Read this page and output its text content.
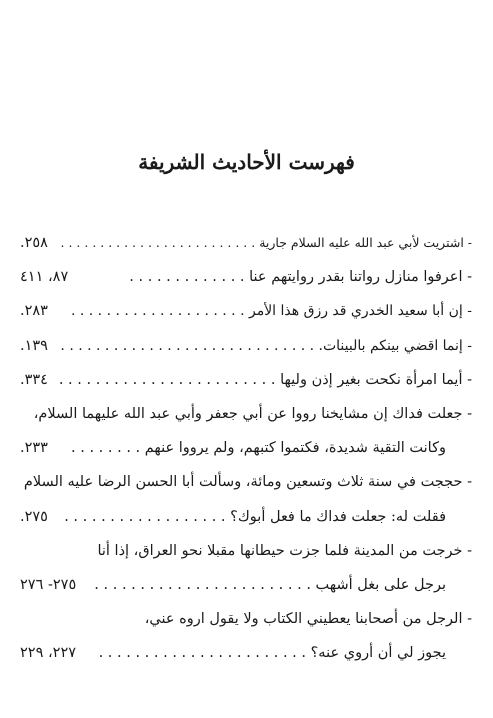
فهرست الأحاديث الشريفة
٢٥٨. - اشتريت لأبي عبد الله عليه السلام جارية . . . . . . . . . . . . . . . . . . . . . . . . .
٨٧، ٤١١	- اعرفوا منازل رواتنا بقدر روايتهم عنا . . . . . . . . . . . . .
٢٨٣. - إن أبا سعيد الخدري قد رزق هذا الأمر . . . . . . . . . . . . . . . . . . . .
١٣٩. - إنما اقضي بينكم بالبينات. . . . . . . . . . . . . . . . . . . . . . . . . . . . . .
٣٣٤. - أيما امرأة نكحت بغير إذن وليها . . . . . . . . . . . . . . . . . . . . . . . .
- جعلت فداك إن مشايخنا رووا عن أبي جعفر وأبي عبد الله عليهما السلام،
٢٣٣. وكانت التقية شديدة، فكتموا كتبهم، ولم يرووا عنهم . . . . . . . .
- حججت في سنة ثلاث وتسعين ومائة، وسألت أبا الحسن الرضا عليه السلام
٢٧٥. فقلت له: جعلت فداك ما فعل أبوك؟ . . . . . . . . . . . . . . . . . .
- خرجت من المدينة فلما جزت حيطانها مقبلا نحو العراق، إذا أنا
٢٧٥- ٢٧٦ برجل على بغل أشهب . . . . . . . . . . . . . . . . . . . . . . . .
- الرجل من أصحابنا يعطيني الكتاب ولا يقول اروه عني،
٢٢٧، ٢٢٩ يجوز لي أن أروي عنه؟ . . . . . . . . . . . . . . . . . . . . . . .
